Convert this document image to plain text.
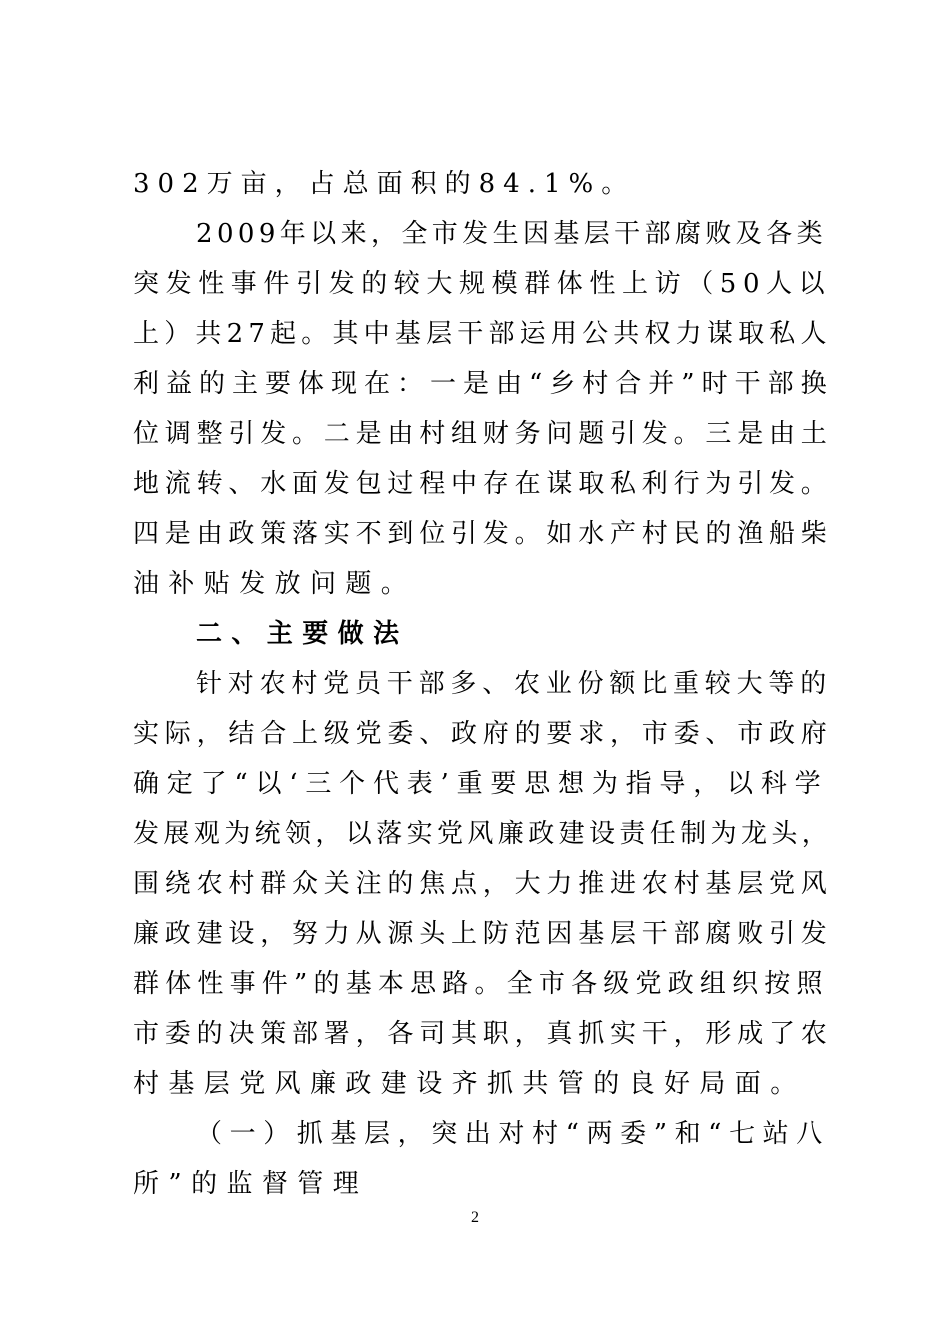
302万亩，占总面积的84.1%。

2009年以来，全市发生因基层干部腐败及各类

突发性事件引发的较大规模群体性上访（50人以

上）共27起。其中基层干部运用公共权力谋取私人

利益的主要体现在：一是由“乡村合并”时干部换

位调整引发。二是由村组财务问题引发。三是由土

地流转、水面发包过程中存在谋取私利行为引发。

四是由政策落实不到位引发。如水产村民的渔船柴

油补贴发放问题。

二、主要做法

针对农村党员干部多、农业份额比重较大等的

实际，结合上级党委、政府的要求，市委、市政府

确定了“以‘三个代表’重要思想为指导，以科学

发展观为统领，以落实党风廉政建设责任制为龙头，

围绕农村群众关注的焦点，大力推进农村基层党风

廉政建设，努力从源头上防范因基层干部腐败引发

群体性事件”的基本思路。全市各级党政组织按照

市委的决策部署，各司其职，真抓实干，形成了农

村基层党风廉政建设齐抓共管的良好局面。

（一）抓基层，突出对村“两委”和“七站八

所”的监督管理

2
